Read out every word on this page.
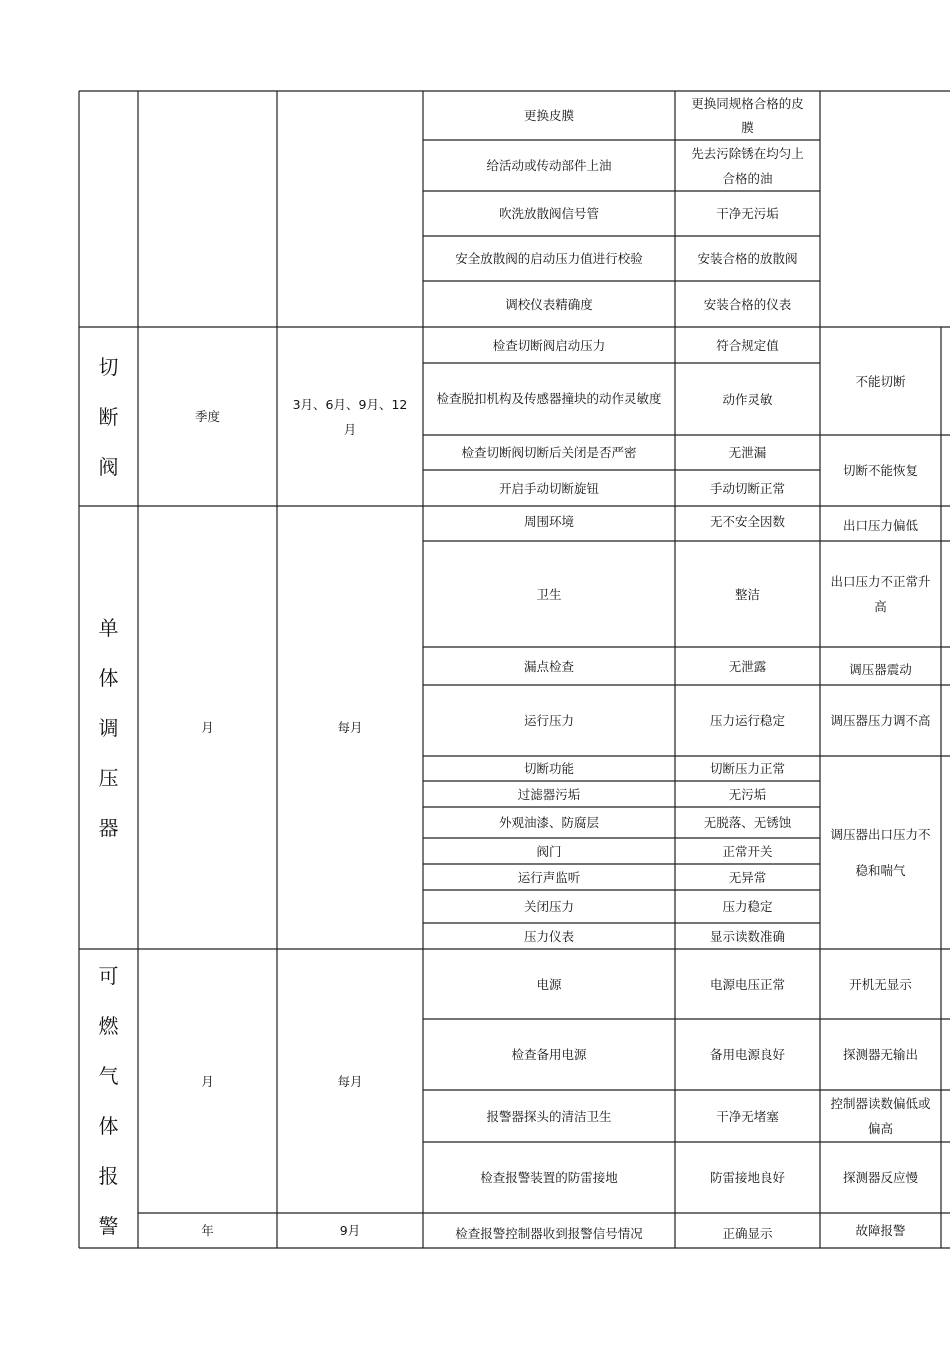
切
断
阀
单
体
调
压
器
可
燃
气
体
报
警
季度
月
月
年
3月、6月、9月、12月
每月
每月
9月
更换皮膜
给活动或传动部件上油
吹洗放散阀信号管
安全放散阀的启动压力值进行校验
调校仪表精确度
检查切断阀启动压力
检查脱扣机构及传感器撞块的动作灵敏度
检查切断阀切断后关闭是否严密
开启手动切断旋钮
周围环境
卫生
漏点检查
运行压力
切断功能
过滤器污垢
外观油漆、防腐层
阀门
运行声监听
关闭压力
压力仪表
电源
检查备用电源
报警器探头的清洁卫生
检查报警装置的防雷接地
检查报警控制器收到报警信号情况
更换同规格合格的皮膜
先去污除锈在均匀上合格的油
干净无污垢
安装合格的放散阀
安装合格的仪表
符合规定值
动作灵敏
无泄漏
手动切断正常
无不安全因数
整洁
无泄露
压力运行稳定
切断压力正常
无污垢
无脱落、无锈蚀
正常开关
无异常
压力稳定
显示读数准确
电源电压正常
备用电源良好
干净无堵塞
防雷接地良好
正确显示
不能切断
切断不能恢复
出口压力偏低
出口压力不正常升高
调压器震动
调压器压力调不高
调压器出口压力不稳和喘气
开机无显示
探测器无输出
控制器读数偏低或偏高
探测器反应慢
故障报警
